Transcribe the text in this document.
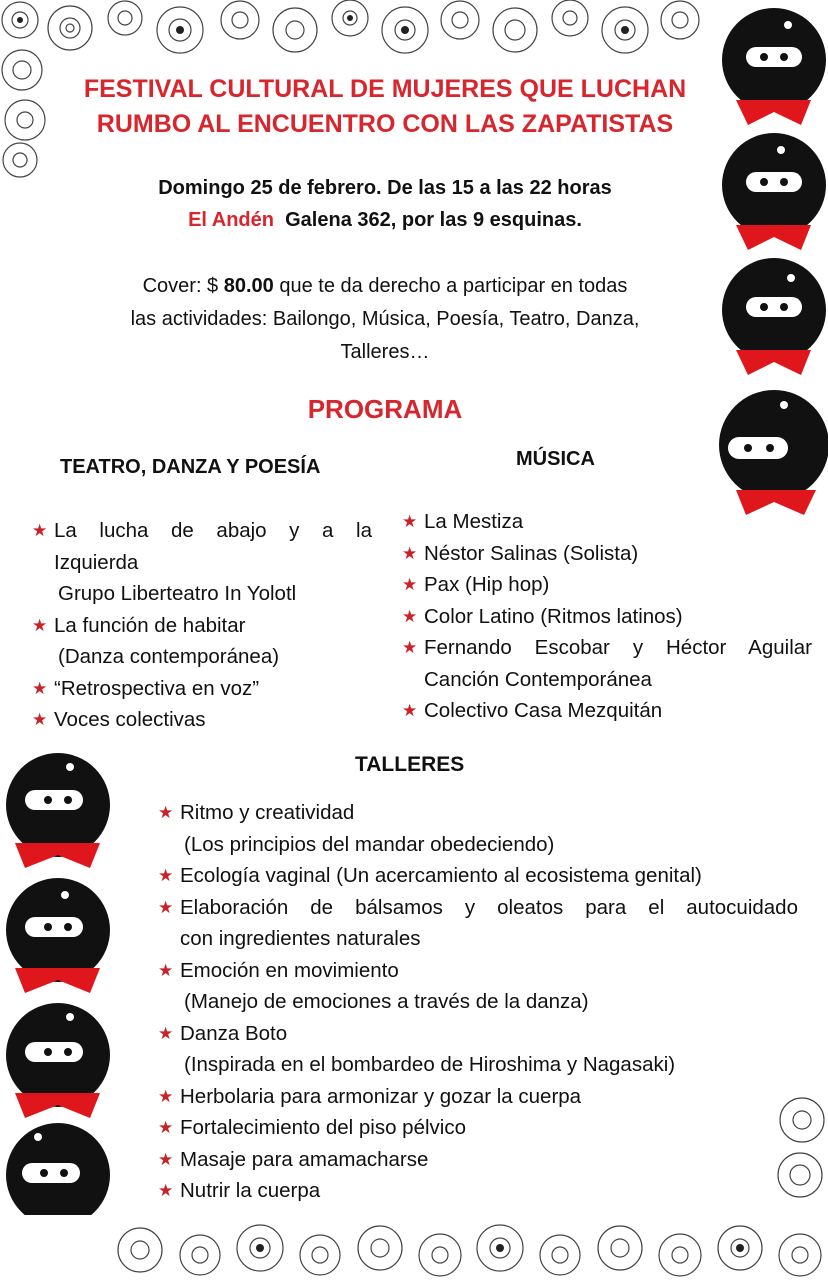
FESTIVAL CULTURAL DE MUJERES QUE LUCHAN
RUMBO AL ENCUENTRO CON LAS ZAPATISTAS
Domingo 25 de febrero. De las 15 a las 22 horas
El Andén Galena 362, por las 9 esquinas.
Cover: $ 80.00 que te da derecho a participar en todas
las actividades: Bailongo, Música, Poesía, Teatro, Danza,
Talleres…
PROGRAMA
TEATRO, DANZA Y POESÍA
★ La lucha de abajo y a la
Izquierda
Grupo Liberteatro In Yolotl
★ La función de habitar
(Danza contemporánea)
★ “Retrospectiva en voz”
★ Voces colectivas
MÚSICA
★ La Mestiza
★ Néstor Salinas (Solista)
★ Pax (Hip hop)
★ Color Latino (Ritmos latinos)
★ Fernando Escobar y Héctor Aguilar
Canción Contemporánea
★ Colectivo Casa Mezquitán
TALLERES
★ Ritmo y creatividad
(Los principios del mandar obedeciendo)
★ Ecología vaginal (Un acercamiento al ecosistema genital)
★ Elaboración de bálsamos y oleatos para el autocuidado
con ingredientes naturales
★ Emoción en movimiento
(Manejo de emociones a través de la danza)
★ Danza Boto
(Inspirada en el bombardeo de Hiroshima y Nagasaki)
★ Herbolaria para armonizar y gozar la cuerpa
★ Fortalecimiento del piso pélvico
★ Masaje para amamacharse
★ Nutrir la cuerpa
